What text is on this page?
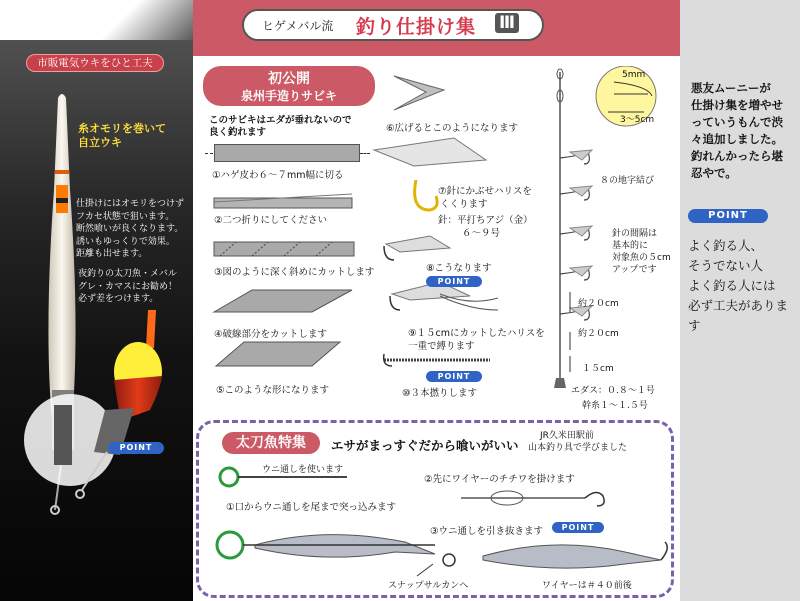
市販電気ウキをひと工夫
糸オモリを巻いて
自立ウキ
仕掛けにはオモリをつけず
フカセ状態で狙います。
断然喰いが良くなります。
誘いもゆっくりで効果。
距離も出せます。
夜釣りの太刀魚・メバル
グレ・カマスにお勧め！
必ず差をつけます。
POINT
ヒゲメバル流 釣り仕掛け集 Ⅲ
悪友ムーニーが
仕掛け集を増やせ
っていうもんで渋
々追加しました。
釣れんかったら堪
忍やで。
POINT
よく釣る人、
そうでない人
よく釣る人には
必ず工夫があります
初公開
泉州手造りサビキ
このサビキはエダが垂れないので
良く釣れます
①ハゲ皮わ６〜７mm幅に切る
②二つ折りにしてください
③図のように深く斜めにカットします
④破線部分をカットします
⑤このような形になります
⑥広げるとこのようになります
⑦針にかぶせハリスを
くくります
針：平打ちアジ（金）
６〜９号
⑧こうなります
POINT
⑨１５cmにカットしたハリスを
一重で縛ります
POINT
⑩３本撚りします
5mm
3〜5cm
８の地字結び
針の間隔は
基本的に
対象魚の５cm
アップです
約２０cm
約２０cm
１５cm
エダス：０.８〜１号
幹糸１〜１.５号
太刀魚特集	エサがまっすぐだから喰いがいい
JR久米田駅前
山本釣り具で学びました
ウニ通しを使います
①口からウニ通しを尾まで突っ込みます
②先にワイヤーのチチワを掛けます
③ウニ通しを引き抜きます	POINT
スナップサルカンへ	ワイヤーは＃４０前後
